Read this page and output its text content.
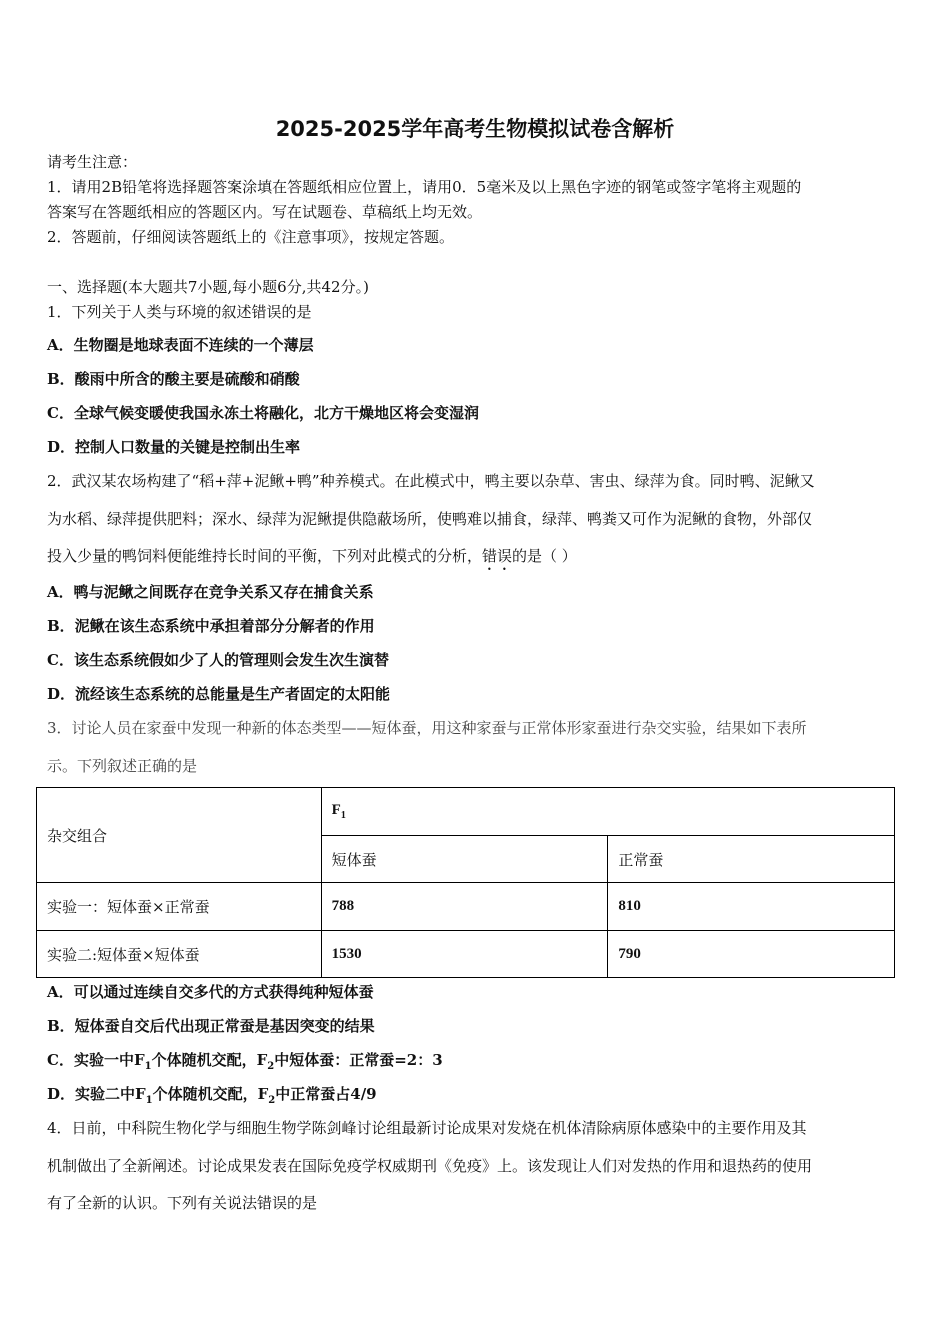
2025-2025学年高考生物模拟试卷含解析
请考生注意：
1．请用2B铅笔将选择题答案涂填在答题纸相应位置上，请用0．5毫米及以上黑色字迹的钢笔或签字笔将主观题的
答案写在答题纸相应的答题区内。写在试题卷、草稿纸上均无效。
2．答题前，仔细阅读答题纸上的《注意事项》，按规定答题。
一、选择题(本大题共7小题,每小题6分,共42分。)
1．下列关于人类与环境的叙述错误的是
A．生物圈是地球表面不连续的一个薄层
B．酸雨中所含的酸主要是硫酸和硝酸
C．全球气候变暖使我国永冻土将融化，北方干燥地区将会变湿润
D．控制人口数量的关键是控制出生率
2．武汉某农场构建了“稻+萍+泥鳅+鸭”种养模式。在此模式中，鸭主要以杂草、害虫、绿萍为食。同时鸭、泥鳅又
为水稻、绿萍提供肥料；深水、绿萍为泥鳅提供隐蔽场所，使鸭难以捕食，绿萍、鸭粪又可作为泥鳅的食物，外部仅
投入少量的鸭饲料便能维持长时间的平衡，下列对此模式的分析，错误的是（ ）
A．鸭与泥鳅之间既存在竞争关系又存在捕食关系
B．泥鳅在该生态系统中承担着部分分解者的作用
C．该生态系统假如少了人的管理则会发生次生演替
D．流经该生态系统的总能量是生产者固定的太阳能
3．讨论人员在家蚕中发现一种新的体态类型——短体蚕，用这种家蚕与正常体形家蚕进行杂交实验，结果如下表所
示。下列叙述正确的是
杂交组合	$F_1$
	短体蚕	正常蚕
实验一：短体蚕×正常蚕	788	810
实验二:短体蚕×短体蚕	1530	790
A．可以通过连续自交多代的方式获得纯种短体蚕
B．短体蚕自交后代出现正常蚕是基因突变的结果
C．实验一中$F_1$个体随机交配，$F_2$中短体蚕：正常蚕=2：3
D．实验二中$F_1$个体随机交配，$F_2$中正常蚕占4/9
4．日前，中科院生物化学与细胞生物学陈剑峰讨论组最新讨论成果对发烧在机体清除病原体感染中的主要作用及其
机制做出了全新阐述。讨论成果发表在国际免疫学权威期刊《免疫》上。该发现让人们对发热的作用和退热药的使用
有了全新的认识。下列有关说法错误的是
